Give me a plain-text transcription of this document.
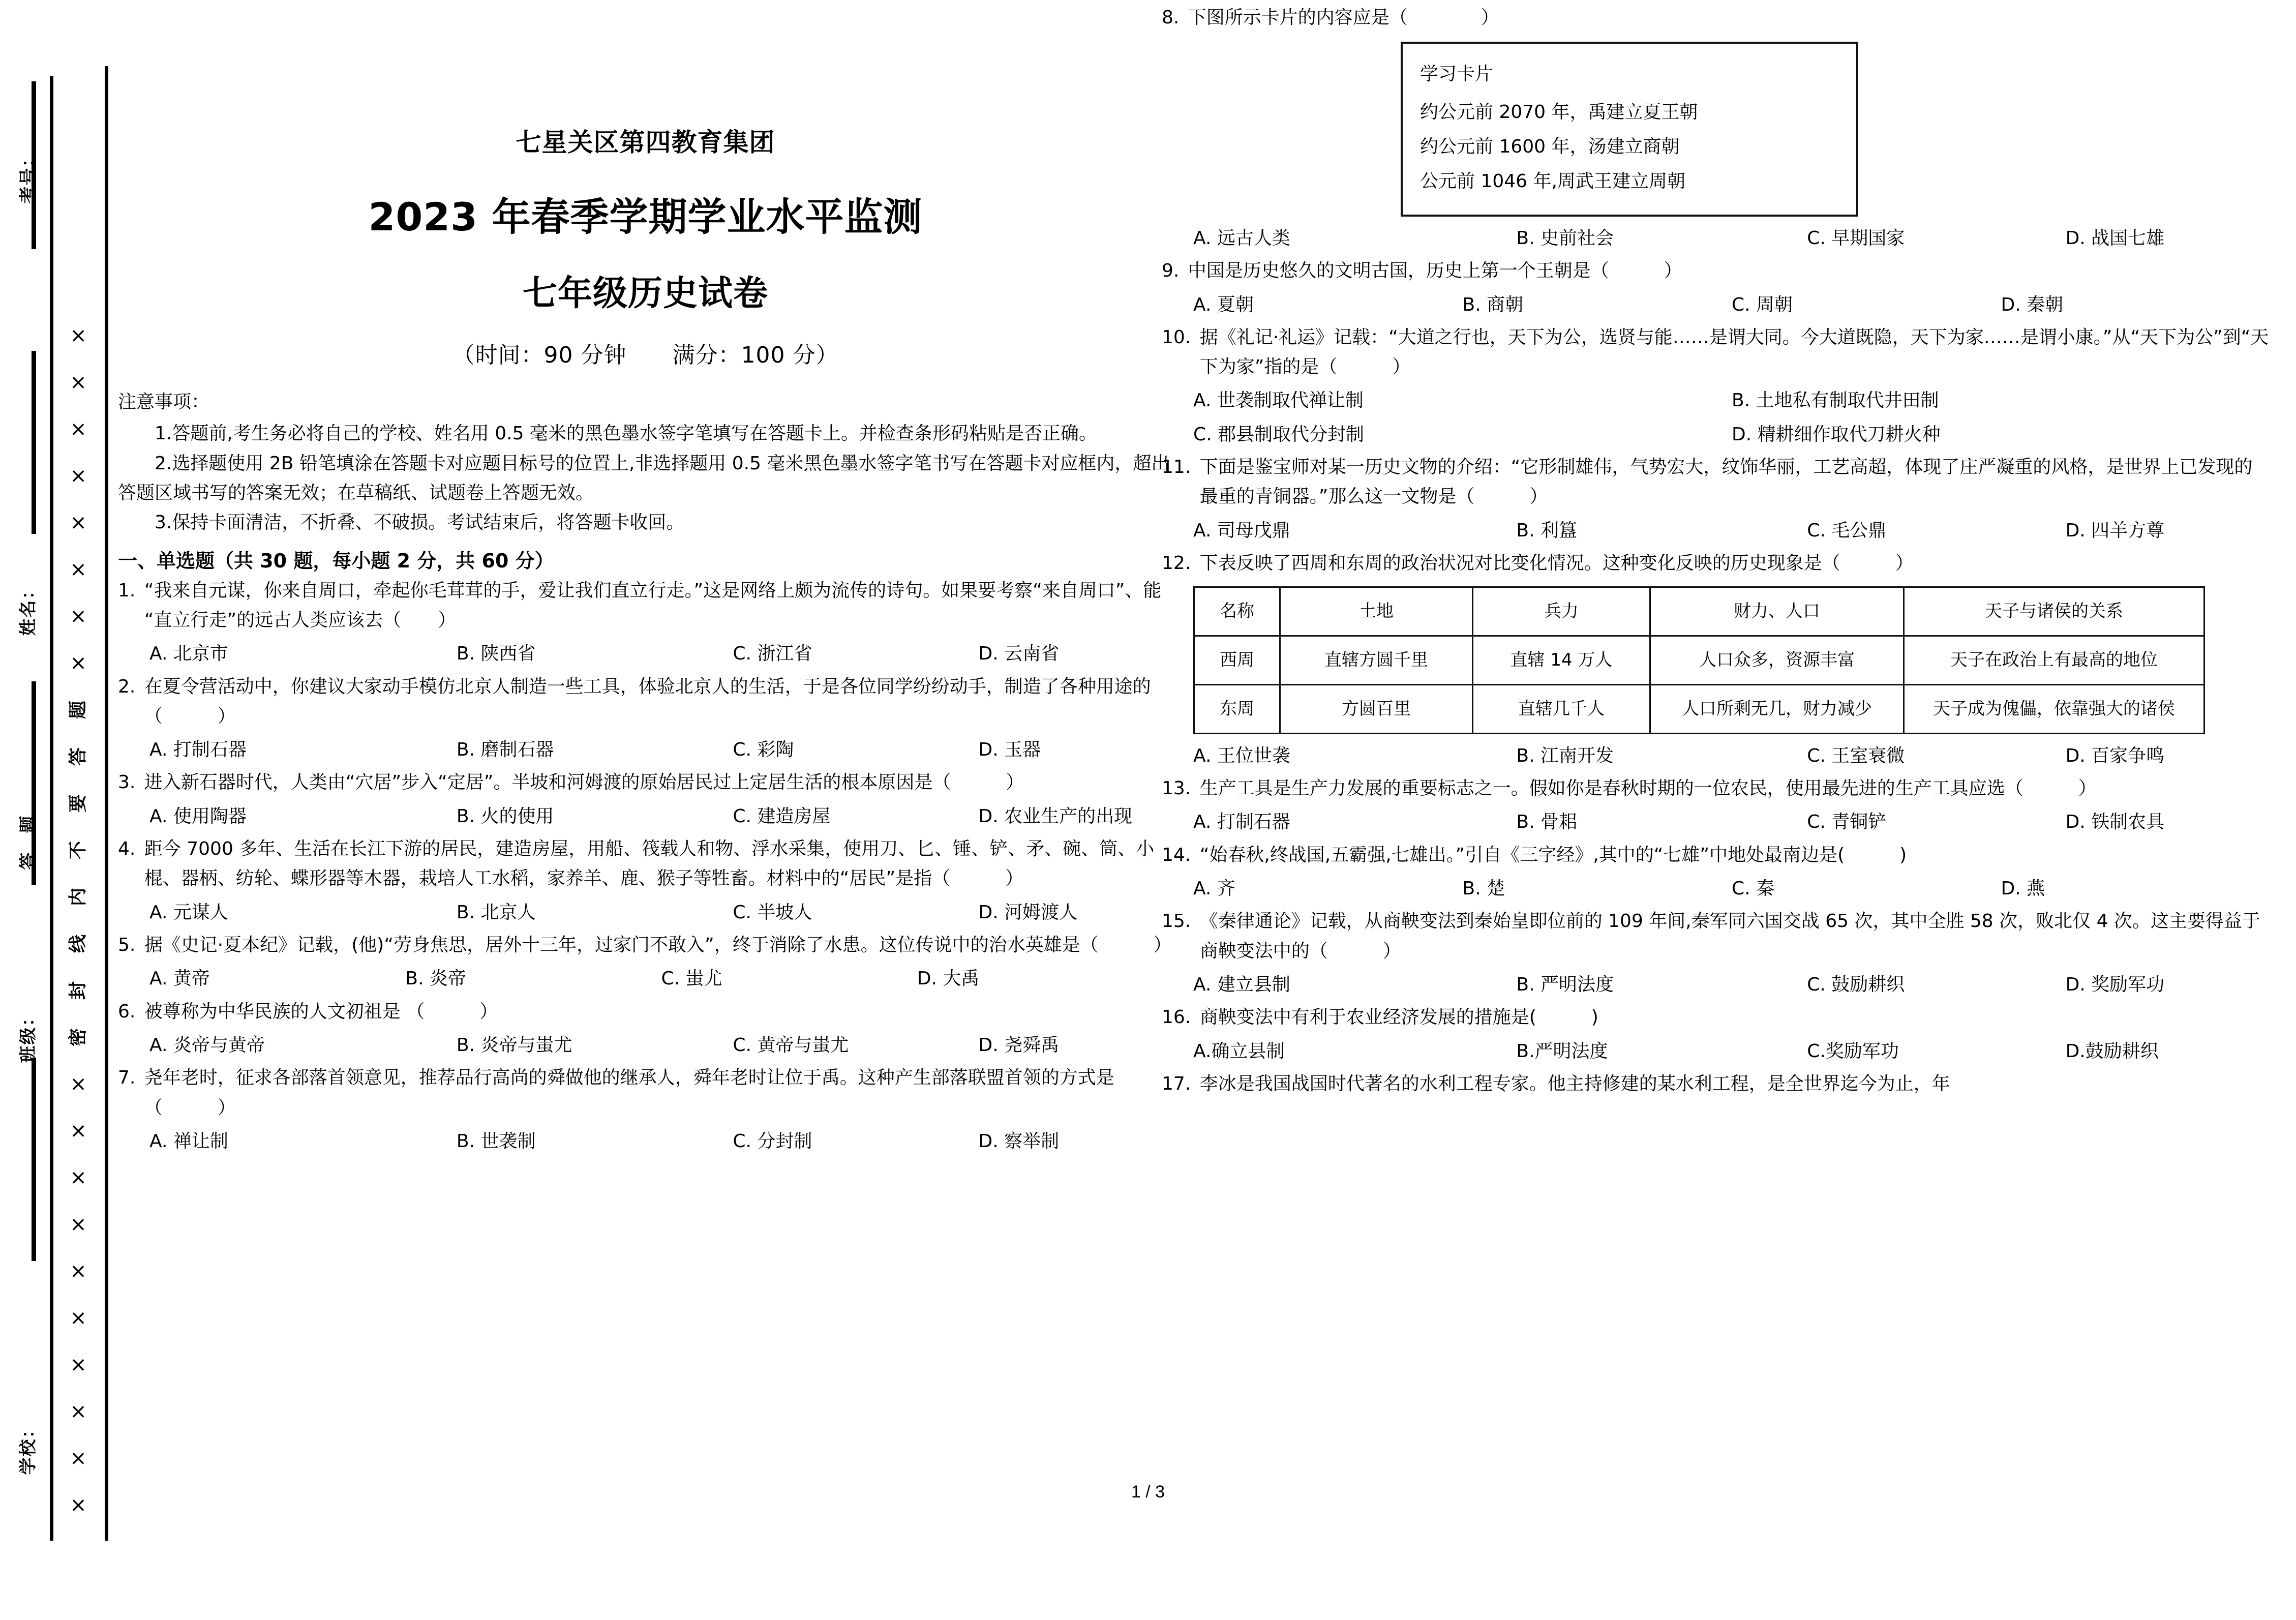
考号：
姓名：
答　题
班级：
学校：
×
×
×
×
×
×
×
×
×
×
密
封
线
内
不
要
答
题
×
×
×
×
×
×
×
×
七星关区第四教育集团
2023 年春季学期学业水平监测
七年级历史试卷
（时间：90 分钟　　满分：100 分）
注意事项：
1.答题前,考生务必将自己的学校、姓名用 0.5 毫米的黑色墨水签字笔填写在答题卡上。并检查条形码粘贴是否正确。
2.选择题使用 2B 铅笔填涂在答题卡对应题目标号的位置上,非选择题用 0.5 毫米黑色墨水签字笔书写在答题卡对应框内，超出答题区域书写的答案无效；在草稿纸、试题卷上答题无效。
3.保持卡面清洁，不折叠、不破损。考试结束后，将答题卡收回。
一、单选题（共 30 题，每小题 2 分，共 60 分）
1. “我来自元谋，你来自周口，牵起你毛茸茸的手，爱让我们直立行走。”这是网络上颇为流传的诗句。如果要考察“来自周口”、能“直立行走”的远古人类应该去（　　）
A. 北京市	B. 陕西省	C. 浙江省	D. 云南省
2. 在夏令营活动中，你建议大家动手模仿北京人制造一些工具，体验北京人的生活，于是各位同学纷纷动手，制造了各种用途的（　　　）
A. 打制石器	B. 磨制石器	C. 彩陶	D. 玉器
3. 进入新石器时代，人类由“穴居”步入“定居”。半坡和河姆渡的原始居民过上定居生活的根本原因是（　　　）
A. 使用陶器	B. 火的使用	C. 建造房屋	D. 农业生产的出现
4. 距今 7000 多年、生活在长江下游的居民，建造房屋，用船、筏载人和物、浮水采集，使用刀、匕、锤、铲、矛、碗、筒、小棍、器柄、纺轮、蝶形器等木器，栽培人工水稻，家养羊、鹿、猴子等牲畜。材料中的“居民”是指（　　　）
A. 元谋人	B. 北京人	C. 半坡人	D. 河姆渡人
5. 据《史记·夏本纪》记载，(他)“劳身焦思，居外十三年，过家门不敢入”，终于消除了水患。这位传说中的治水英雄是（　　　）
A. 黄帝	B. 炎帝	C. 蚩尤	D. 大禹
6. 被尊称为中华民族的人文初祖是 （　　　）
A. 炎帝与黄帝	B. 炎帝与蚩尤	C. 黄帝与蚩尤	D. 尧舜禹
7. 尧年老时，征求各部落首领意见，推荐品行高尚的舜做他的继承人，舜年老时让位于禹。这种产生部落联盟首领的方式是（　　　）
A. 禅让制	B. 世袭制	C. 分封制	D. 察举制
8. 下图所示卡片的内容应是（　　　　）
学习卡片
约公元前 2070 年，禹建立夏王朝
约公元前 1600 年，汤建立商朝
公元前 1046 年,周武王建立周朝
A. 远古人类	B. 史前社会	C. 早期国家	D. 战国七雄
9. 中国是历史悠久的文明古国，历史上第一个王朝是（　　　）
A. 夏朝	B. 商朝	C. 周朝	D. 秦朝
10. 据《礼记·礼运》记载：“大道之行也，天下为公，选贤与能……是谓大同。今大道既隐，天下为家……是谓小康。”从“天下为公”到“天下为家”指的是（　　　）
A. 世袭制取代禅让制	B. 土地私有制取代井田制
C. 郡县制取代分封制	D. 精耕细作取代刀耕火种
11. 下面是鉴宝师对某一历史文物的介绍：“它形制雄伟，气势宏大，纹饰华丽，工艺高超，体现了庄严凝重的风格，是世界上已发现的最重的青铜器。”那么这一文物是（　　　）
A. 司母戊鼎	B. 利簋	C. 毛公鼎	D. 四羊方尊
12. 下表反映了西周和东周的政治状况对比变化情况。这种变化反映的历史现象是（　　　）
名称	土地	兵力	财力、人口	天子与诸侯的关系
西周	直辖方圆千里	直辖 14 万人	人口众多，资源丰富	天子在政治上有最高的地位
东周	方圆百里	直辖几千人	人口所剩无几，财力减少	天子成为傀儡，依靠强大的诸侯
A. 王位世袭	B. 江南开发	C. 王室衰微	D. 百家争鸣
13. 生产工具是生产力发展的重要标志之一。假如你是春秋时期的一位农民，使用最先进的生产工具应选（　　　）
A. 打制石器	B. 骨耜	C. 青铜铲	D. 铁制农具
14. “始春秋,终战国,五霸强,七雄出。”引自《三字经》,其中的“七雄”中地处最南边是(　　　)
A. 齐	B. 楚	C. 秦	D. 燕
15. 《秦律通论》记载，从商鞅变法到秦始皇即位前的 109 年间,秦军同六国交战 65 次，其中全胜 58 次，败北仅 4 次。这主要得益于商鞅变法中的（　　　）
A. 建立县制	B. 严明法度	C. 鼓励耕织	D. 奖励军功
16. 商鞅变法中有利于农业经济发展的措施是(　　　)
A.确立县制	B.严明法度	C.奖励军功	D.鼓励耕织
17. 李冰是我国战国时代著名的水利工程专家。他主持修建的某水利工程，是全世界迄今为止，年
1 / 3
